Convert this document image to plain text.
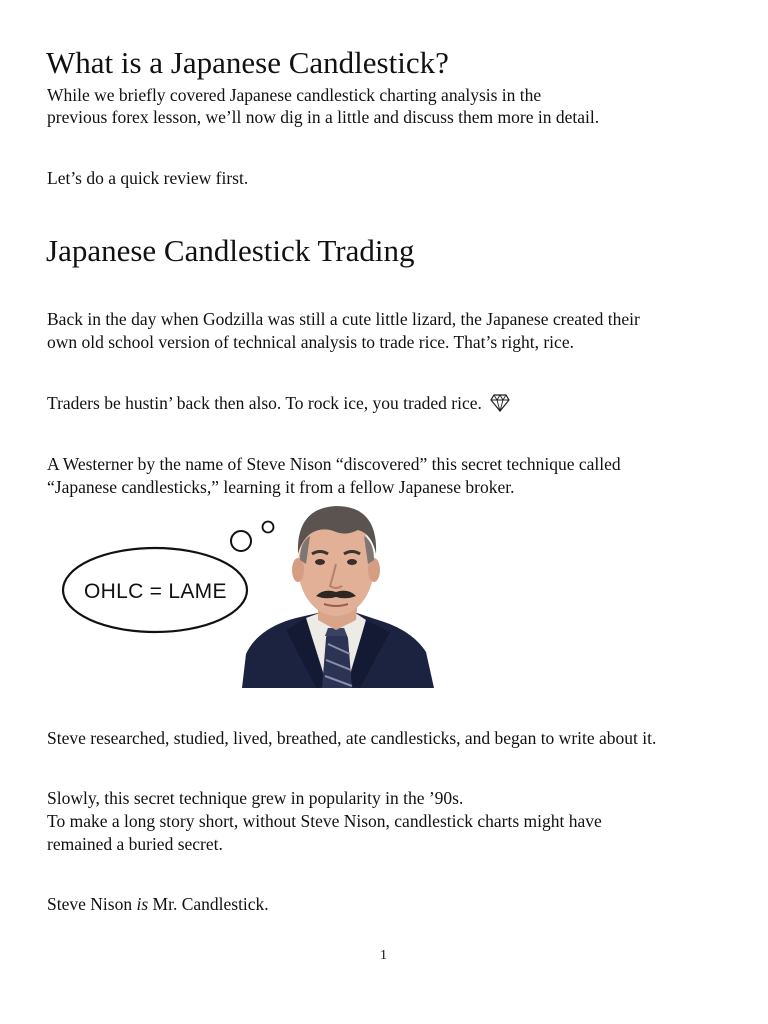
What is a Japanese Candlestick?

While we briefly covered Japanese candlestick charting analysis in the

previous forex lesson, we’ll now dig in a little and discuss them more in detail.

Let’s do a quick review first.

Japanese Candlestick Trading

Back in the day when Godzilla was still a cute little lizard, the Japanese created their

own old school version of technical analysis to trade rice. That’s right, rice.

Traders be hustin’ back then also. To rock ice, you traded rice.

A Westerner by the name of Steve Nison “discovered” this secret technique called

“Japanese candlesticks,” learning it from a fellow Japanese broker.

OHLC = LAME

Steve researched, studied, lived, breathed, ate candlesticks, and began to write about it.

Slowly, this secret technique grew in popularity in the ’90s.

To make a long story short, without Steve Nison, candlestick charts might have

remained a buried secret.

Steve Nison is Mr. Candlestick.

1
